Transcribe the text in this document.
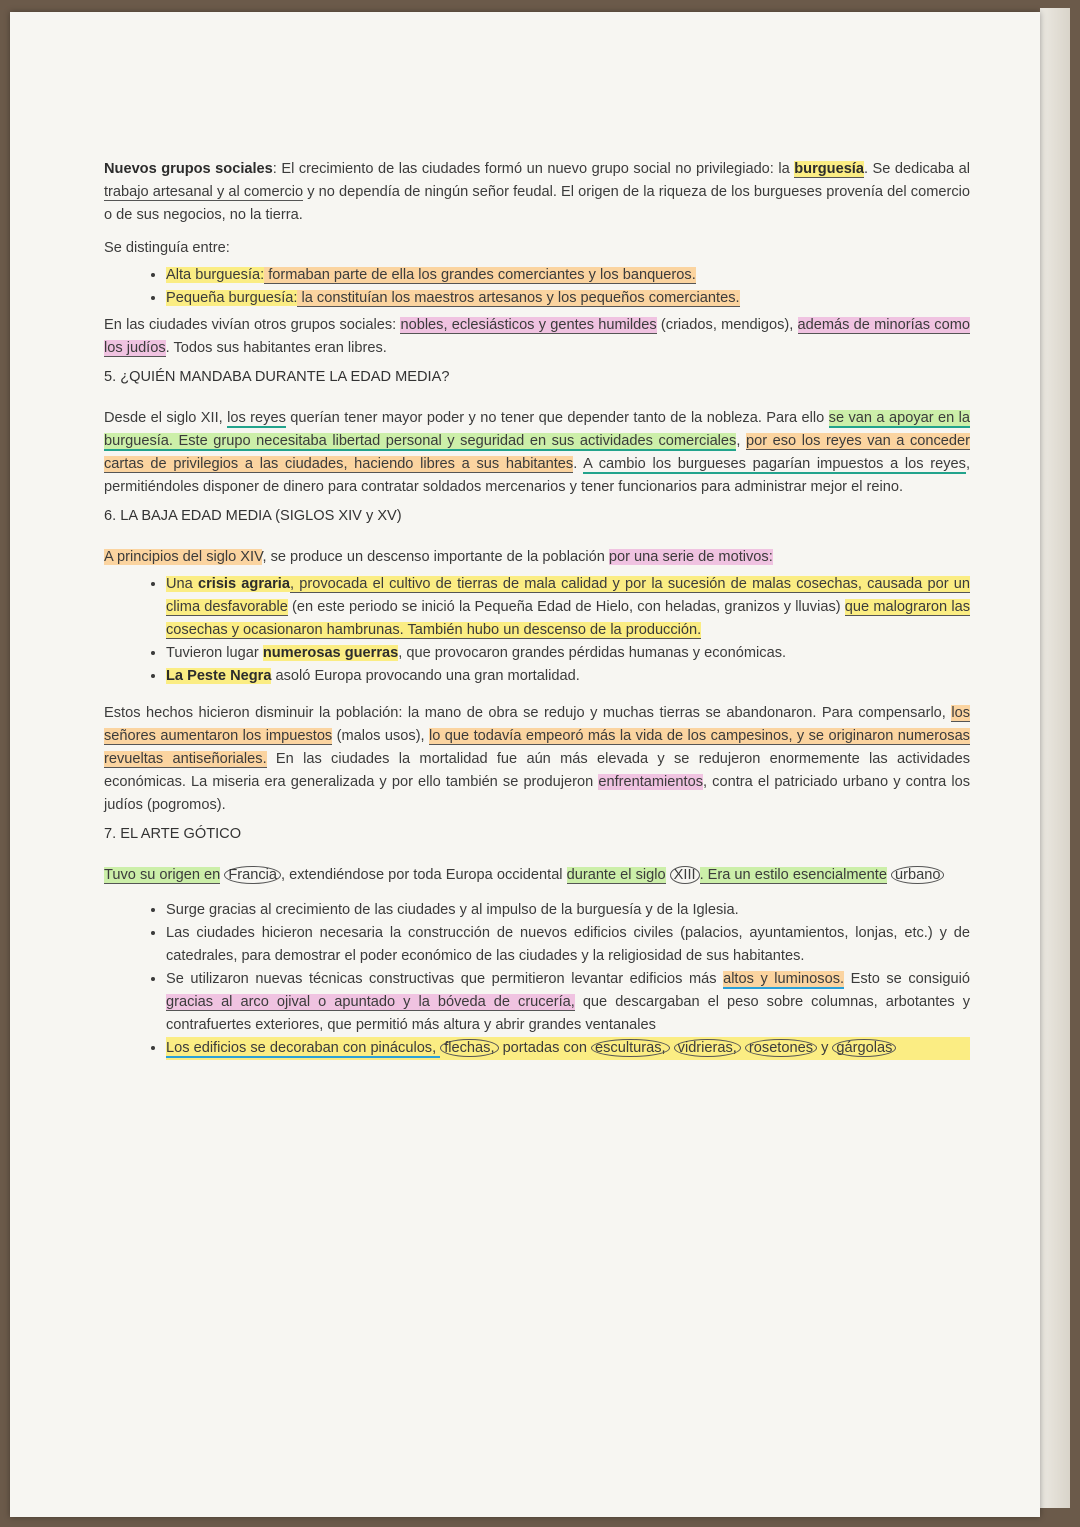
Nuevos grupos sociales: El crecimiento de las ciudades formó un nuevo grupo social no privilegiado: la burguesía. Se dedicaba al trabajo artesanal y al comercio y no dependía de ningún señor feudal. El origen de la riqueza de los burgueses provenía del comercio o de sus negocios, no la tierra.

Se distinguía entre:

• Alta burguesía: formaban parte de ella los grandes comerciantes y los banqueros.
• Pequeña burguesía: la constituían los maestros artesanos y los pequeños comerciantes.

En las ciudades vivían otros grupos sociales: nobles, eclesiásticos y gentes humildes (criados, mendigos), además de minorías como los judíos. Todos sus habitantes eran libres.

5. ¿QUIÉN MANDABA DURANTE LA EDAD MEDIA?

Desde el siglo XII, los reyes querían tener mayor poder y no tener que depender tanto de la nobleza. Para ello se van a apoyar en la burguesía. Este grupo necesitaba libertad personal y seguridad en sus actividades comerciales, por eso los reyes van a conceder cartas de privilegios a las ciudades, haciendo libres a sus habitantes. A cambio los burgueses pagarían impuestos a los reyes, permitiéndoles disponer de dinero para contratar soldados mercenarios y tener funcionarios para administrar mejor el reino.

6. LA BAJA EDAD MEDIA (SIGLOS XIV y XV)

A principios del siglo XIV, se produce un descenso importante de la población por una serie de motivos:

• Una crisis agraria, provocada el cultivo de tierras de mala calidad y por la sucesión de malas cosechas, causada por un clima desfavorable (en este periodo se inició la Pequeña Edad de Hielo, con heladas, granizos y lluvias) que malograron las cosechas y ocasionaron hambrunas. También hubo un descenso de la producción.
• Tuvieron lugar numerosas guerras, que provocaron grandes pérdidas humanas y económicas.
• La Peste Negra asoló Europa provocando una gran mortalidad.

Estos hechos hicieron disminuir la población: la mano de obra se redujo y muchas tierras se abandonaron. Para compensarlo, los señores aumentaron los impuestos (malos usos), lo que todavía empeoró más la vida de los campesinos, y se originaron numerosas revueltas antiseñoriales. En las ciudades la mortalidad fue aún más elevada y se redujeron enormemente las actividades económicas. La miseria era generalizada y por ello también se produjeron enfrentamientos, contra el patriciado urbano y contra los judíos (pogromos).

7. EL ARTE GÓTICO

Tuvo su origen en Francia , extendiéndose por toda Europa occidental durante el siglo XIII . Era un estilo esencialmente urbano

• Surge gracias al crecimiento de las ciudades y al impulso de la burguesía y de la Iglesia.
• Las ciudades hicieron necesaria la construcción de nuevos edificios civiles (palacios, ayuntamientos, lonjas, etc.) y de catedrales, para demostrar el poder económico de las ciudades y la religiosidad de sus habitantes.
• Se utilizaron nuevas técnicas constructivas que permitieron levantar edificios más altos y luminosos. Esto se consiguió gracias al arco ojival o apuntado y la bóveda de crucería, que descargaban el peso sobre columnas, arbotantes y contrafuertes exteriores, que permitió más altura y abrir grandes ventanales
• Los edificios se decoraban con pináculos, flechas, portadas con esculturas, vidrieras, rosetones y gárgolas
